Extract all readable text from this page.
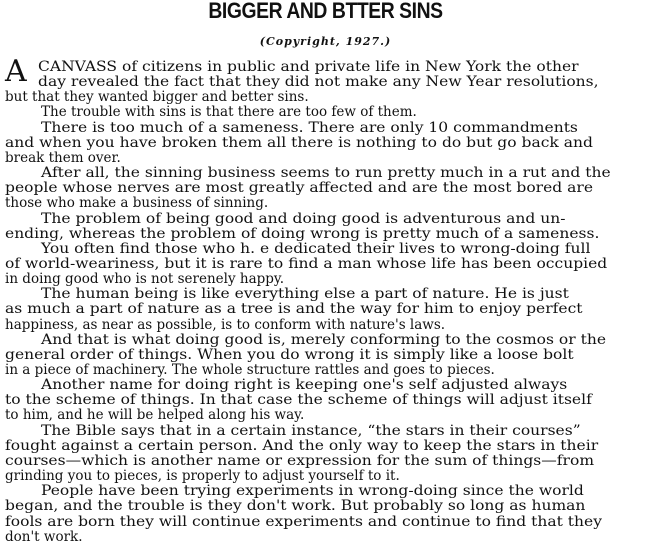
BIGGER AND BTTER SINS
(Copyright, 1927.)
A CANVASS of citizens in public and private life in New York the other
day revealed the fact that they did not make any New Year resolutions,
but that they wanted bigger and better sins.
The trouble with sins is that there are too few of them.
There is too much of a sameness. There are only 10 commandments
and when you have broken them all there is nothing to do but go back and
break them over.
After all, the sinning business seems to run pretty much in a rut and the
people whose nerves are most greatly affected and are the most bored are
those who make a business of sinning.
The problem of being good and doing good is adventurous and un-
ending, whereas the problem of doing wrong is pretty much of a sameness.
You often find those who h. e dedicated their lives to wrong-doing full
of world-weariness, but it is rare to find a man whose life has been occupied
in doing good who is not serenely happy.
The human being is like everything else a part of nature. He is just
as much a part of nature as a tree is and the way for him to enjoy perfect
happiness, as near as possible, is to conform with nature's laws.
And that is what doing good is, merely conforming to the cosmos or the
general order of things. When you do wrong it is simply like a loose bolt
in a piece of machinery. The whole structure rattles and goes to pieces.
Another name for doing right is keeping one's self adjusted always
to the scheme of things. In that case the scheme of things will adjust itself
to him, and he will be helped along his way.
The Bible says that in a certain instance, “the stars in their courses”
fought against a certain person. And the only way to keep the stars in their
courses—which is another name or expression for the sum of things—from
grinding you to pieces, is properly to adjust yourself to it.
People have been trying experiments in wrong-doing since the world
began, and the trouble is they don't work. But probably so long as human
fools are born they will continue experiments and continue to find that they
don't work.
